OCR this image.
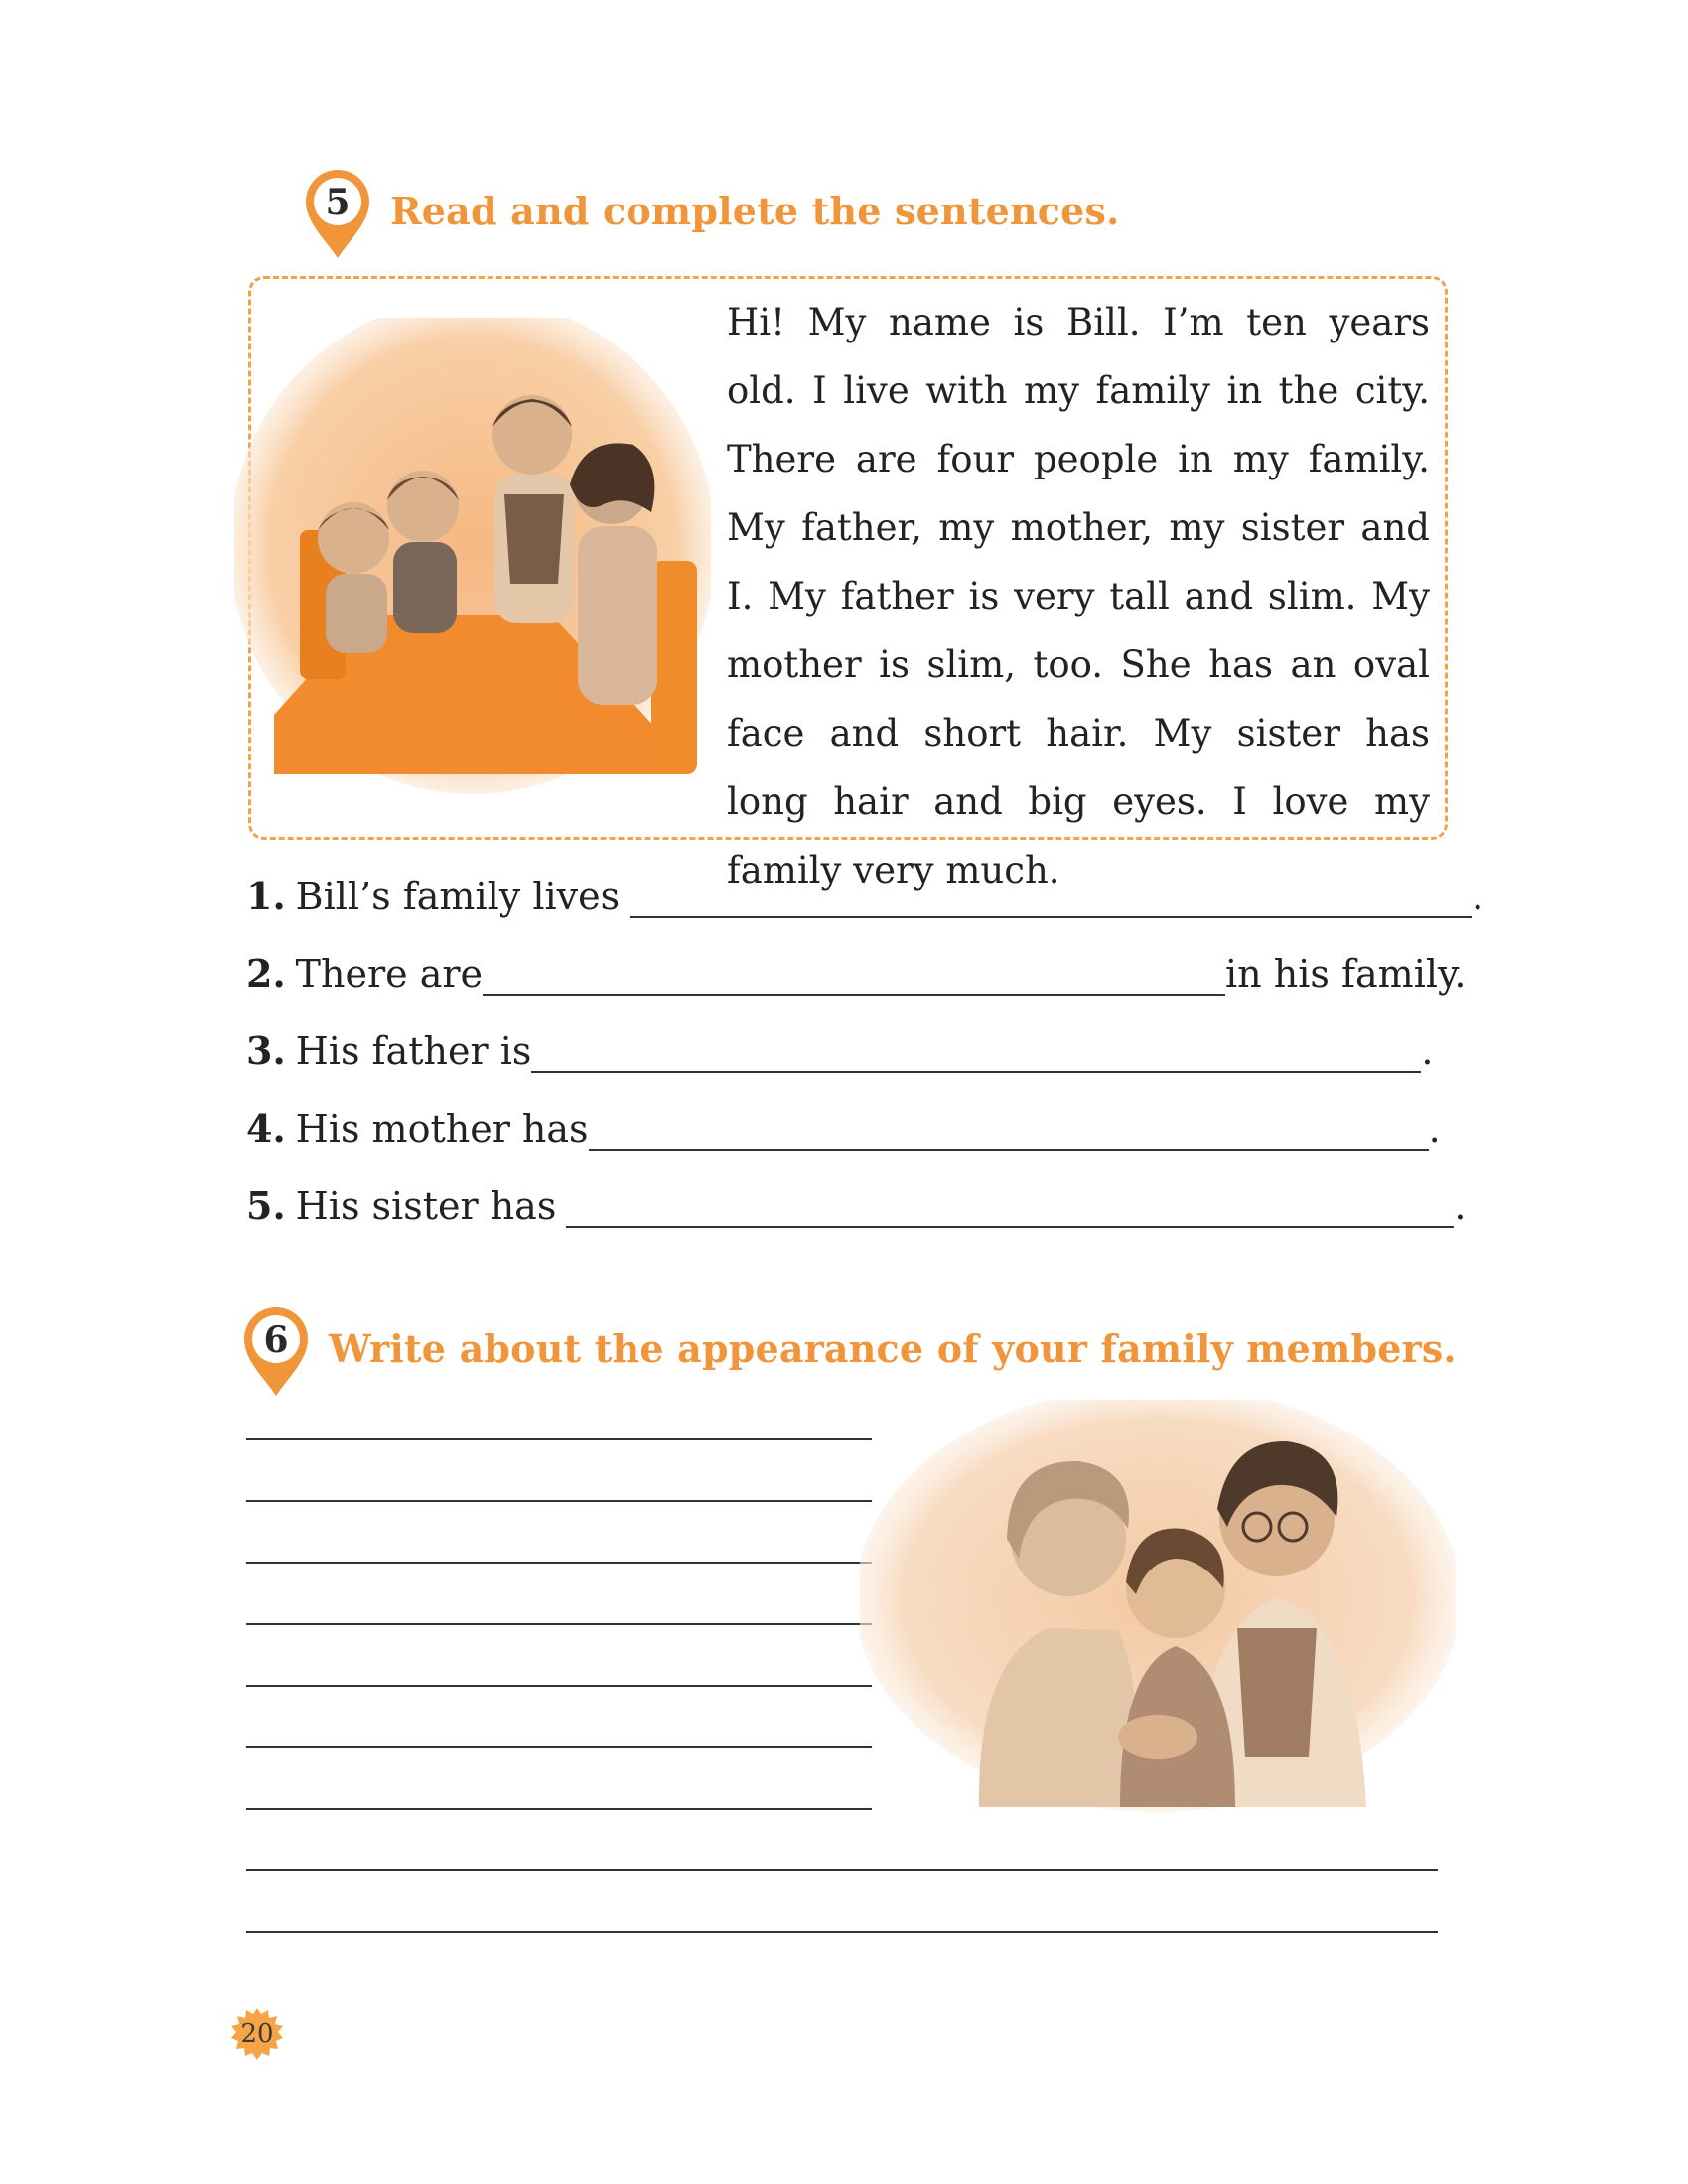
5	Read and complete the sentences.
Hi! My name is Bill. I’m ten years old. I live with my family in the city. There are four people in my family. My father, my mother, my sister and I. My father is very tall and slim. My mother is slim, too. She has an oval face and short hair. My sister has long hair and big eyes. I love my family very much.
1. Bill’s family lives	.
2. There are	in his family.
3. His father is	.
4. His mother has	.
5. His sister has	.
6	Write about the appearance of your family members.
20
